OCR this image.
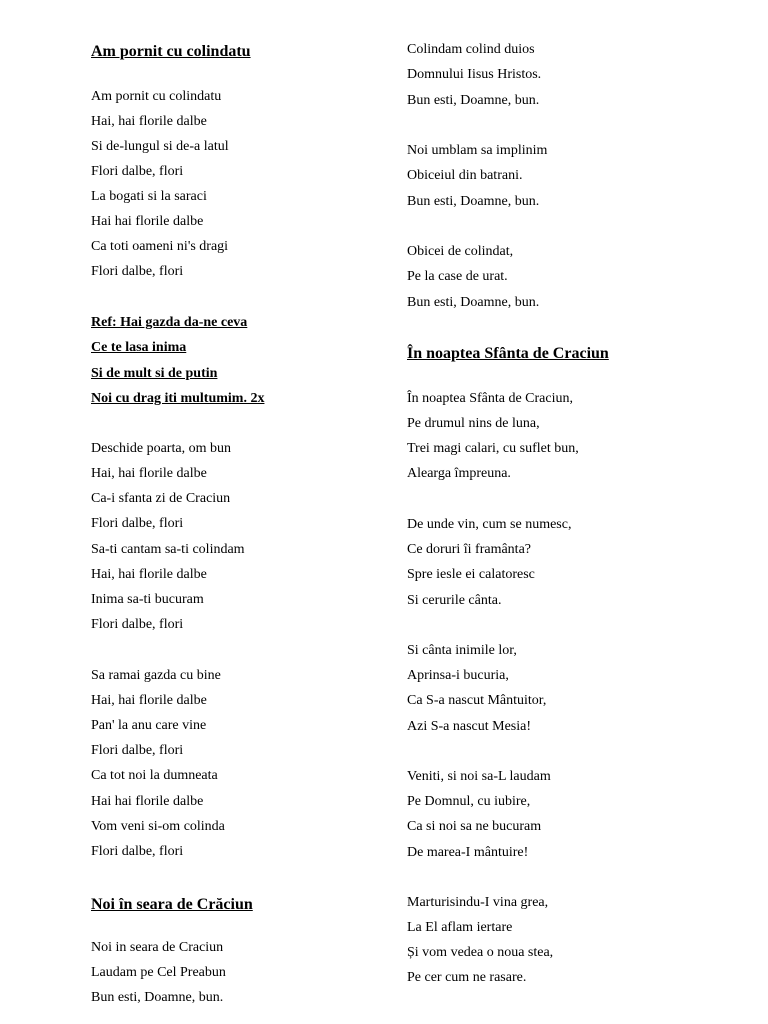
Am pornit cu colindatu
Am pornit cu colindatu
Hai, hai florile dalbe
Si de-lungul si de-a latul
Flori dalbe, flori
La bogati si la saraci
Hai hai florile dalbe
Ca toti oameni ni's dragi
Flori dalbe, flori
Ref: Hai gazda da-ne ceva
Ce te lasa inima
Si de mult si de putin
Noi cu drag iti multumim. 2x
Deschide poarta, om bun
Hai, hai florile dalbe
Ca-i sfanta zi de Craciun
Flori dalbe, flori
Sa-ti cantam sa-ti colindam
Hai, hai florile dalbe
Inima sa-ti bucuram
Flori dalbe, flori
Sa ramai gazda cu bine
Hai, hai florile dalbe
Pan' la anu care vine
Flori dalbe, flori
Ca tot noi la dumneata
Hai hai florile dalbe
Vom veni si-om colinda
Flori dalbe, flori
Noi în seara de Crăciun
Noi in seara de Craciun
Laudam pe Cel Preabun
Bun esti, Doamne, bun.
Colindam colind duios
Domnului Iisus Hristos.
Bun esti, Doamne, bun.
Noi umblam sa implinim
Obiceiul din batrani.
Bun esti, Doamne, bun.
Obicei de colindat,
Pe la case de urat.
Bun esti, Doamne, bun.
În noaptea Sfânta de Craciun
În noaptea Sfânta de Craciun,
Pe drumul nins de luna,
Trei magi calari, cu suflet bun,
Alearga împreuna.
De unde vin, cum se numesc,
Ce doruri îi framânta?
Spre iesle ei calatoresc
Si cerurile cânta.
Si cânta inimile lor,
Aprinsa-i bucuria,
Ca S-a nascut Mântuitor,
Azi S-a nascut Mesia!
Veniti, si noi sa-L laudam
Pe Domnul, cu iubire,
Ca si noi sa ne bucuram
De marea-I mântuire!
Marturisindu-I vina grea,
La El aflam iertare
Și vom vedea o noua stea,
Pe cer cum ne rasare.
